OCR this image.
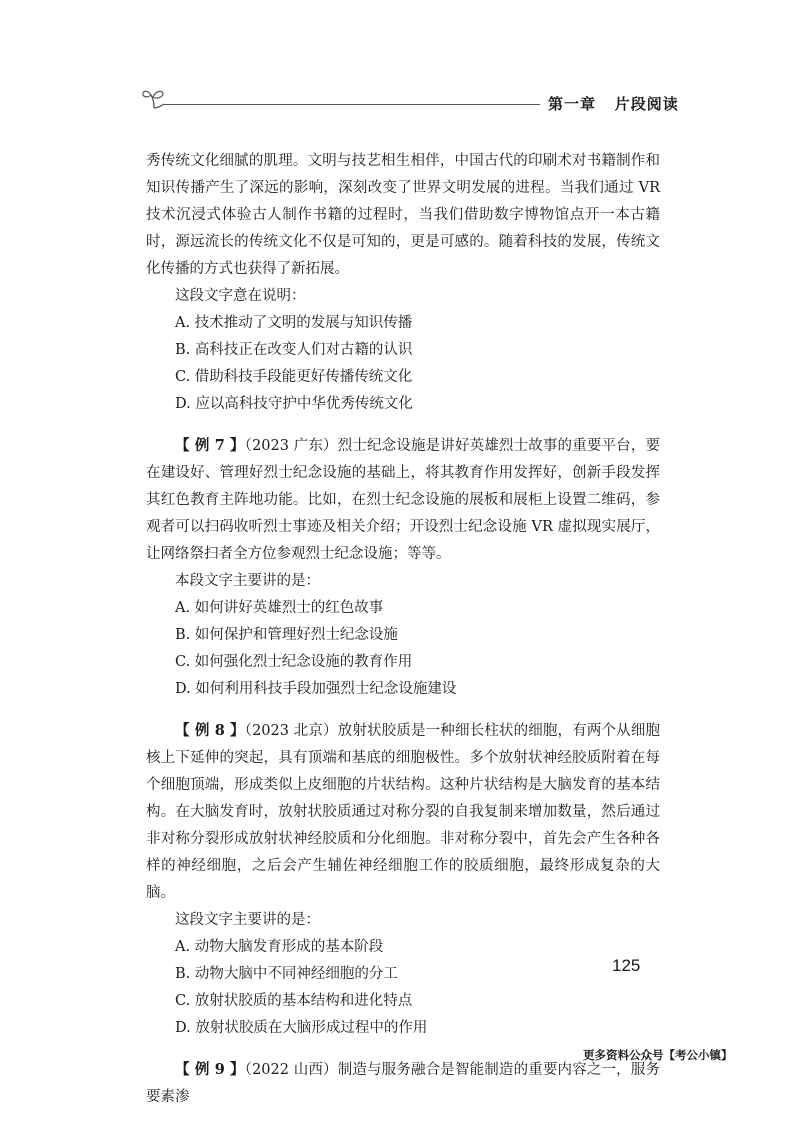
第一章 片段阅读

秀传统文化细腻的肌理。文明与技艺相生相伴，中国古代的印刷术对书籍制作和知识传播产生了深远的影响，深刻改变了世界文明发展的进程。当我们通过 VR 技术沉浸式体验古人制作书籍的过程时，当我们借助数字博物馆点开一本古籍时，源远流长的传统文化不仅是可知的，更是可感的。随着科技的发展，传统文化传播的方式也获得了新拓展。

这段文字意在说明：

A. 技术推动了文明的发展与知识传播

B. 高科技正在改变人们对古籍的认识

C. 借助科技手段能更好传播传统文化

D. 应以高科技守护中华优秀传统文化

【 例 7 】（2023 广东）烈士纪念设施是讲好英雄烈士故事的重要平台，要在建设好、管理好烈士纪念设施的基础上，将其教育作用发挥好，创新手段发挥其红色教育主阵地功能。比如，在烈士纪念设施的展板和展柜上设置二维码，参观者可以扫码收听烈士事迹及相关介绍；开设烈士纪念设施 VR 虚拟现实展厅，让网络祭扫者全方位参观烈士纪念设施；等等。

本段文字主要讲的是：

A. 如何讲好英雄烈士的红色故事

B. 如何保护和管理好烈士纪念设施

C. 如何强化烈士纪念设施的教育作用

D. 如何利用科技手段加强烈士纪念设施建设

【 例 8 】（2023 北京）放射状胶质是一种细长柱状的细胞，有两个从细胞核上下延伸的突起，具有顶端和基底的细胞极性。多个放射状神经胶质附着在每个细胞顶端，形成类似上皮细胞的片状结构。这种片状结构是大脑发育的基本结构。在大脑发育时，放射状胶质通过对称分裂的自我复制来增加数量，然后通过非对称分裂形成放射状神经胶质和分化细胞。非对称分裂中，首先会产生各种各样的神经细胞，之后会产生辅佐神经细胞工作的胶质细胞，最终形成复杂的大脑。

这段文字主要讲的是：

A. 动物大脑发育形成的基本阶段

B. 动物大脑中不同神经细胞的分工

C. 放射状胶质的基本结构和进化特点

D. 放射状胶质在大脑形成过程中的作用

【 例 9 】（2022 山西）制造与服务融合是智能制造的重要内容之一，服务要素渗

125
更多资料公众号【考公小镇】
